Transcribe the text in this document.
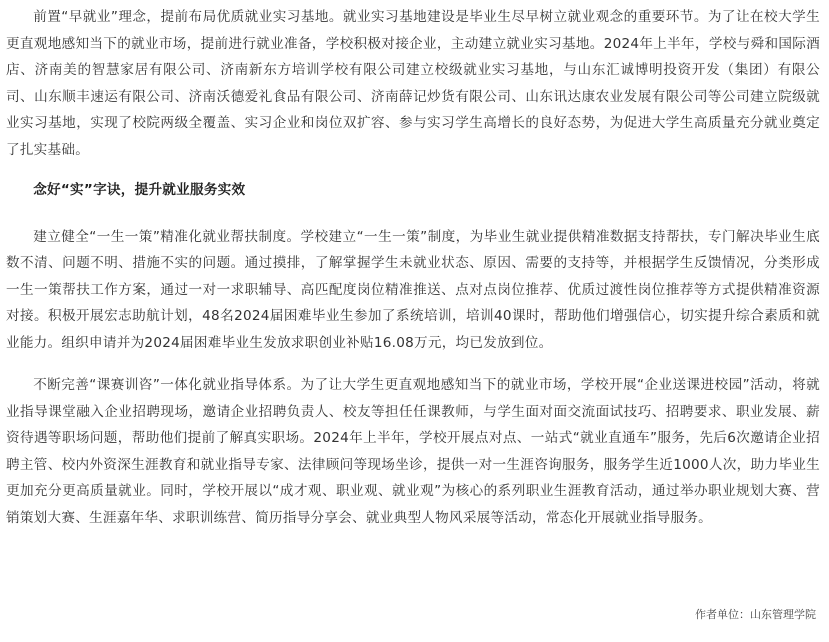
前置“早就业”理念，提前布局优质就业实习基地。就业实习基地建设是毕业生尽早树立就业观念的重要环节。为了让在校大学生更直观地感知当下的就业市场，提前进行就业准备，学校积极对接企业，主动建立就业实习基地。2024年上半年，学校与舜和国际酒店、济南美的智慧家居有限公司、济南新东方培训学校有限公司建立校级就业实习基地，与山东汇诚博明投资开发（集团）有限公司、山东顺丰速运有限公司、济南沃德爱礼食品有限公司、济南薛记炒货有限公司、山东讯达康农业发展有限公司等公司建立院级就业实习基地，实现了校院两级全覆盖、实习企业和岗位双扩容、参与实习学生高增长的良好态势，为促进大学生高质量充分就业奠定了扎实基础。

念好“实”字诀，提升就业服务实效

建立健全“一生一策”精准化就业帮扶制度。学校建立“一生一策”制度，为毕业生就业提供精准数据支持帮扶，专门解决毕业生底数不清、问题不明、措施不实的问题。通过摸排，了解掌握学生未就业状态、原因、需要的支持等，并根据学生反馈情况，分类形成一生一策帮扶工作方案，通过一对一求职辅导、高匹配度岗位精准推送、点对点岗位推荐、优质过渡性岗位推荐等方式提供精准资源对接。积极开展宏志助航计划，48名2024届困难毕业生参加了系统培训，培训40课时，帮助他们增强信心，切实提升综合素质和就业能力。组织申请并为2024届困难毕业生发放求职创业补贴16.08万元，均已发放到位。

不断完善“课赛训咨”一体化就业指导体系。为了让大学生更直观地感知当下的就业市场，学校开展“企业送课进校园”活动，将就业指导课堂融入企业招聘现场，邀请企业招聘负责人、校友等担任任课教师，与学生面对面交流面试技巧、招聘要求、职业发展、薪资待遇等职场问题，帮助他们提前了解真实职场。2024年上半年，学校开展点对点、一站式“就业直通车”服务，先后6次邀请企业招聘主管、校内外资深生涯教育和就业指导专家、法律顾问等现场坐诊，提供一对一生涯咨询服务，服务学生近1000人次，助力毕业生更加充分更高质量就业。同时，学校开展以“成才观、职业观、就业观”为核心的系列职业生涯教育活动，通过举办职业规划大赛、营销策划大赛、生涯嘉年华、求职训练营、简历指导分享会、就业典型人物风采展等活动，常态化开展就业指导服务。

作者单位：山东管理学院
